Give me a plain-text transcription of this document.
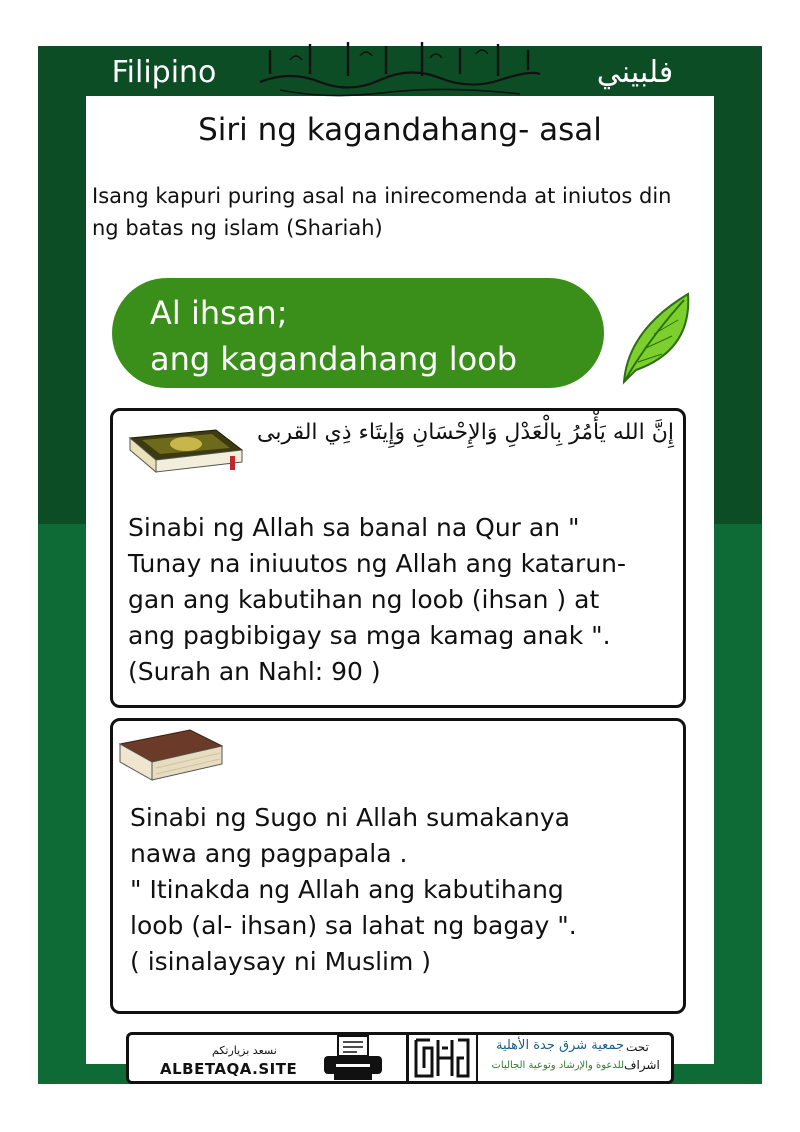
Filipino	فلبيني
Siri ng kagandahang- asal
Isang kapuri puring asal na inirecomenda at iniutos din ng batas ng islam (Shariah)
Al ihsan;
ang kagandahang loob
إِنَّ الله يَأْمُرُ بِالْعَدْلِ وَالإِحْسَانِ وَإِيتَاء ذِي القربى
Sinabi ng Allah sa banal na Qur an "
Tunay na iniuutos ng Allah ang katarun-
gan ang kabutihan ng loob (ihsan ) at
ang pagbibigay sa mga kamag anak ".
(Surah an Nahl: 90 )
Sinabi ng Sugo ni Allah sumakanya
nawa ang pagpapala .
" Itinakda ng Allah ang kabutihang
loob (al- ihsan) sa lahat ng bagay ".
( isinalaysay ni Muslim )
نسعد بزيارتكم
ALBETAQA.SITE
جمعية شرق جدة الأهلية
للدعوة والإرشاد وتوعية الجاليات
تحت
اشراف
